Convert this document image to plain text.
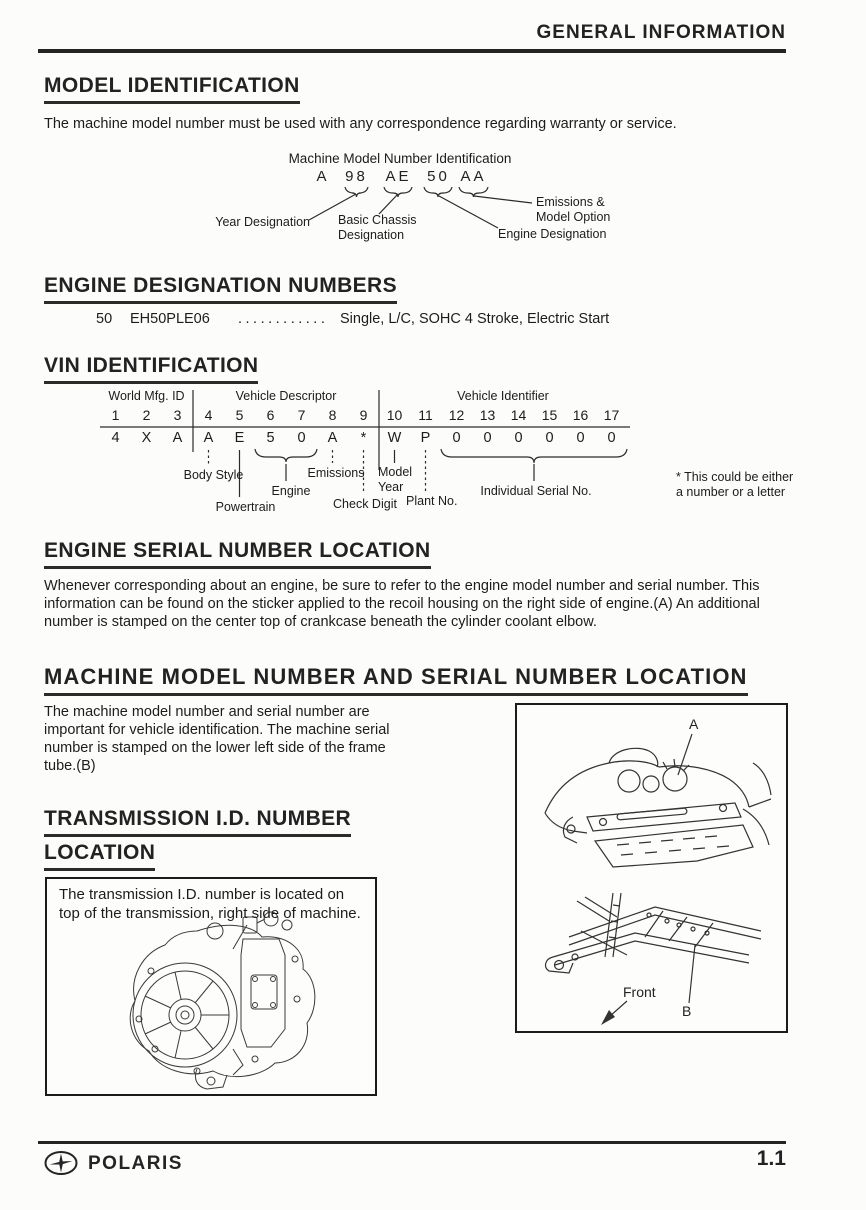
GENERAL INFORMATION
MODEL IDENTIFICATION
The machine model number must be used with any correspondence regarding warranty or service.
Machine Model Number Identification
A	98	AE	50 AA
Year Designation Basic Chassis Designation	Engine Designation
Emissions & Model Option
ENGINE DESIGNATION NUMBERS
50 EH50PLE06 ............ Single, L/C, SOHC 4 Stroke, Electric Start
VIN IDENTIFICATION
World Mfg. ID	Vehicle Descriptor	Vehicle Identifier
1	2	3	4	5	6	7	8	9	10	11	12	13	14	15	16	17
4	X	A	A	E	5	0	A	*	W	P	0	0	0	0	0	0
Body Style
Powertrain
Engine
Emissions
Check Digit
Model Year
Plant No.
Individual Serial No.
* This could be either
a number or a letter
ENGINE SERIAL NUMBER LOCATION
Whenever corresponding about an engine, be sure to refer to the engine model number and serial number. This information can be found on the sticker applied to the recoil housing on the right side of engine.(A) An additional number is stamped on the center top of crankcase beneath the cylinder coolant elbow.
MACHINE MODEL NUMBER AND SERIAL NUMBER LOCATION
The machine model number and serial number are important for vehicle identification. The machine serial number is stamped on the lower left side of the frame tube.(B)
A
Front
B
TRANSMISSION I.D. NUMBER
LOCATION
The transmission I.D. number is located on top of the transmission, right side of machine.
POLARIS	1.1
